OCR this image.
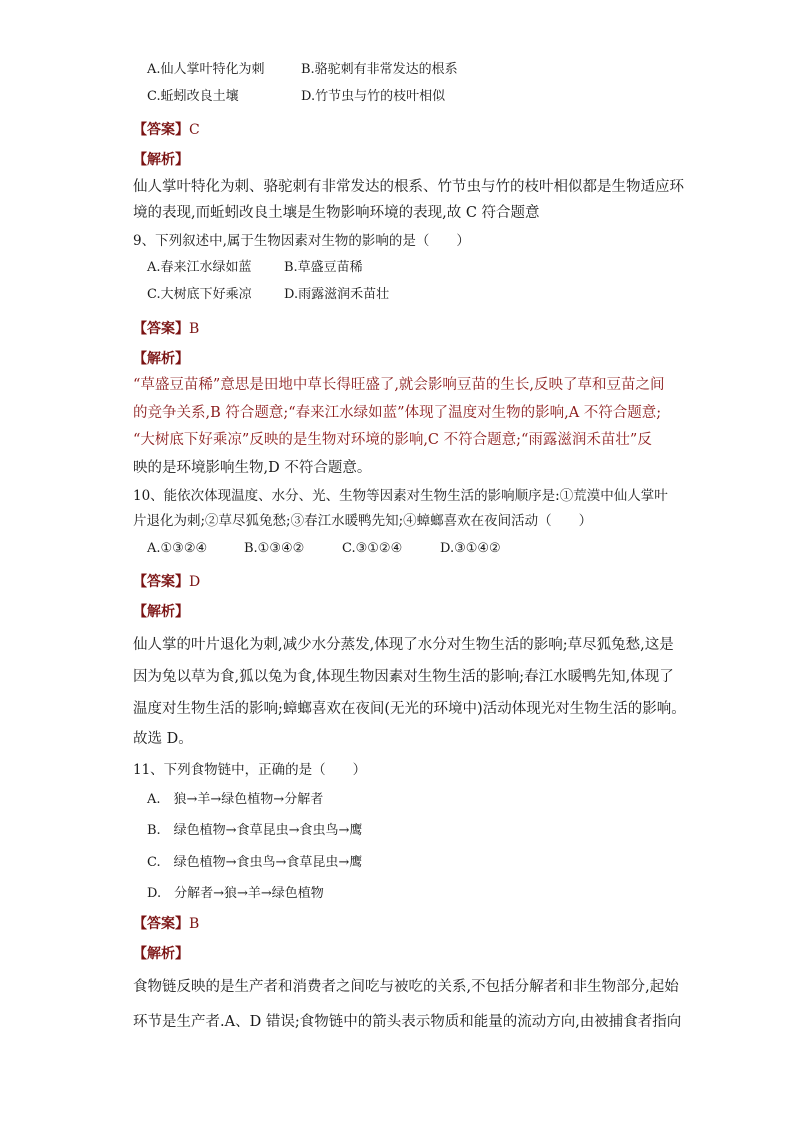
A.仙人掌叶特化为刺	B.骆驼刺有非常发达的根系
C.蚯蚓改良土壤	D.竹节虫与竹的枝叶相似
【答案】C
【解析】
仙人掌叶特化为刺、骆驼刺有非常发达的根系、竹节虫与竹的枝叶相似都是生物适应环
境的表现,而蚯蚓改良土壤是生物影响环境的表现,故 C 符合题意
9、下列叙述中,属于生物因素对生物的影响的是（　　）
A.春来江水绿如蓝 B.草盛豆苗稀
C.大树底下好乘凉 D.雨露滋润禾苗壮
【答案】B
【解析】
“草盛豆苗稀”意思是田地中草长得旺盛了,就会影响豆苗的生长,反映了草和豆苗之间
的竞争关系,B 符合题意;“春来江水绿如蓝”体现了温度对生物的影响,A 不符合题意;
“大树底下好乘凉”反映的是生物对环境的影响,C 不符合题意;“雨露滋润禾苗壮”反
映的是环境影响生物,D 不符合题意。
10、能依次体现温度、水分、光、生物等因素对生物生活的影响顺序是:①荒漠中仙人掌叶
片退化为刺;②草尽狐兔愁;③春江水暖鸭先知;④蟑螂喜欢在夜间活动（　　）
A.①③②④	B.①③④②	C.③①②④	D.③①④②
【答案】D
【解析】
仙人掌的叶片退化为刺,减少水分蒸发,体现了水分对生物生活的影响;草尽狐兔愁,这是
因为兔以草为食,狐以兔为食,体现生物因素对生物生活的影响;春江水暖鸭先知,体现了
温度对生物生活的影响;蟑螂喜欢在夜间(无光的环境中)活动体现光对生物生活的影响。
故选 D。
11、下列食物链中，正确的是（　　）
A.　狼→羊→绿色植物→分解者
B.　绿色植物→食草昆虫→食虫鸟→鹰
C.　绿色植物→食虫鸟→食草昆虫→鹰
D.　分解者→狼→羊→绿色植物
【答案】B
【解析】
食物链反映的是生产者和消费者之间吃与被吃的关系,不包括分解者和非生物部分,起始
环节是生产者.A、D 错误;食物链中的箭头表示物质和能量的流动方向,由被捕食者指向
